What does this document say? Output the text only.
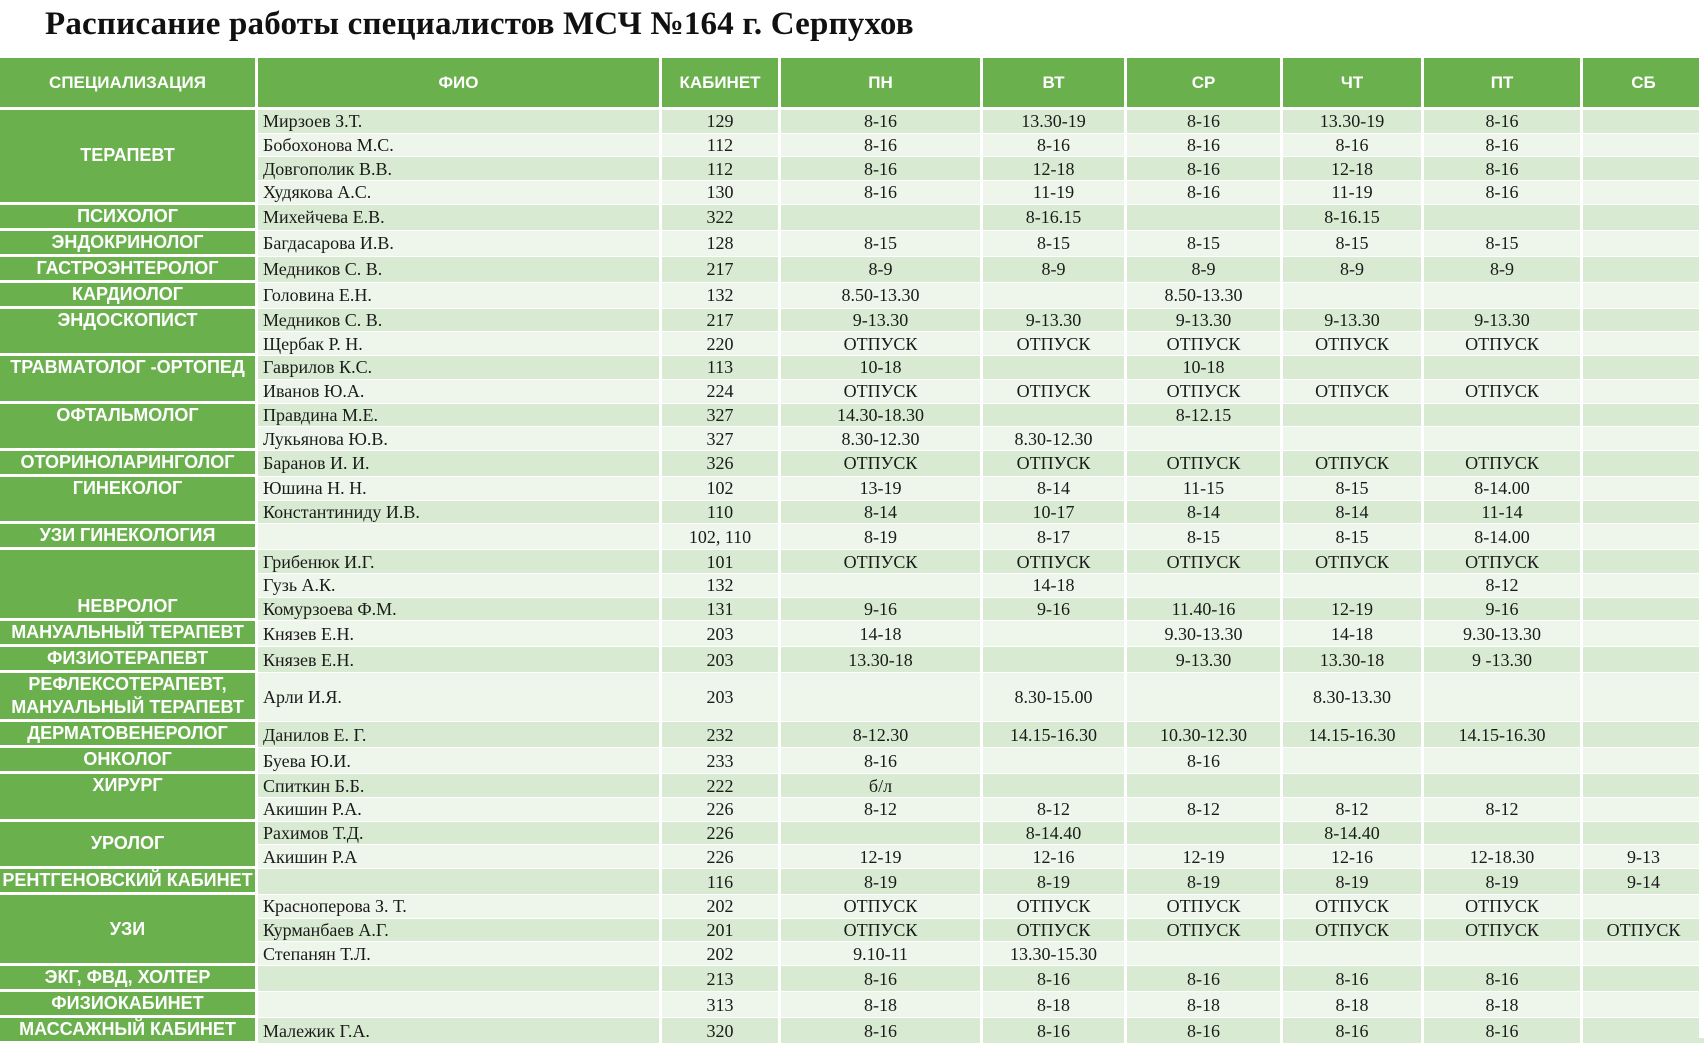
Расписание работы специалистов МСЧ №164 г. Серпухов
СПЕЦИАЛИЗАЦИЯ	ФИО	КАБИНЕТ	ПН	ВТ	СР	ЧТ	ПТ	СБ
ТЕРАПЕВТ	Мирзоев З.Т.	129	8-16	13.30-19	8-16	13.30-19	8-16	
	Бобохонова М.С.	112	8-16	8-16	8-16	8-16	8-16	
	Довгополик В.В.	112	8-16	12-18	8-16	12-18	8-16	
	Худякова А.С.	130	8-16	11-19	8-16	11-19	8-16	
ПСИХОЛОГ	Михейчева Е.В.	322		8-16.15		8-16.15		
ЭНДОКРИНОЛОГ	Багдасарова И.В.	128	8-15	8-15	8-15	8-15	8-15	
ГАСТРОЭНТЕРОЛОГ	Медников С. В.	217	8-9	8-9	8-9	8-9	8-9	
КАРДИОЛОГ	Головина Е.Н.	132	8.50-13.30		8.50-13.30			
ЭНДОСКОПИСТ	Медников С. В.	217	9-13.30	9-13.30	9-13.30	9-13.30	9-13.30	
	Щербак Р. Н.	220	ОТПУСК	ОТПУСК	ОТПУСК	ОТПУСК	ОТПУСК	
ТРАВМАТОЛОГ -ОРТОПЕД	Гаврилов К.С.	113	10-18		10-18			
	Иванов Ю.А.	224	ОТПУСК	ОТПУСК	ОТПУСК	ОТПУСК	ОТПУСК	
ОФТАЛЬМОЛОГ	Правдина М.Е.	327	14.30-18.30		8-12.15			
	Лукьянова Ю.В.	327	8.30-12.30	8.30-12.30				
ОТОРИНОЛАРИНГОЛОГ	Баранов И. И.	326	ОТПУСК	ОТПУСК	ОТПУСК	ОТПУСК	ОТПУСК	
ГИНЕКОЛОГ	Юшина Н. Н.	102	13-19	8-14	11-15	8-15	8-14.00	
	Константиниду И.В.	110	8-14	10-17	8-14	8-14	11-14	
УЗИ ГИНЕКОЛОГИЯ		102, 110	8-19	8-17	8-15	8-15	8-14.00	
НЕВРОЛОГ	Грибенюк И.Г.	101	ОТПУСК	ОТПУСК	ОТПУСК	ОТПУСК	ОТПУСК	
	Гузь А.К.	132		14-18			8-12	
	Комурзоева Ф.М.	131	9-16	9-16	11.40-16	12-19	9-16	
МАНУАЛЬНЫЙ ТЕРАПЕВТ	Князев Е.Н.	203	14-18		9.30-13.30	14-18	9.30-13.30	
ФИЗИОТЕРАПЕВТ	Князев Е.Н.	203	13.30-18		9-13.30	13.30-18	9 -13.30	
РЕФЛЕКСОТЕРАПЕВТ, МАНУАЛЬНЫЙ ТЕРАПЕВТ	Арли И.Я.	203		8.30-15.00		8.30-13.30		
ДЕРМАТОВЕНЕРОЛОГ	Данилов Е. Г.	232	8-12.30	14.15-16.30	10.30-12.30	14.15-16.30	14.15-16.30	
ОНКОЛОГ	Буева Ю.И.	233	8-16		8-16			
ХИРУРГ	Спиткин Б.Б.	222	б/л					
	Акишин Р.А.	226	8-12	8-12	8-12	8-12	8-12	
УРОЛОГ	Рахимов Т.Д.	226		8-14.40		8-14.40		
	Акишин Р.А	226	12-19	12-16	12-19	12-16	12-18.30	9-13
РЕНТГЕНОВСКИЙ КАБИНЕТ		116	8-19	8-19	8-19	8-19	8-19	9-14
УЗИ	Красноперова З. Т.	202	ОТПУСК	ОТПУСК	ОТПУСК	ОТПУСК	ОТПУСК	
	Курманбаев А.Г.	201	ОТПУСК	ОТПУСК	ОТПУСК	ОТПУСК	ОТПУСК	ОТПУСК
	Степанян Т.Л.	202	9.10-11	13.30-15.30				
ЭКГ, ФВД, ХОЛТЕР		213	8-16	8-16	8-16	8-16	8-16	
ФИЗИОКАБИНЕТ		313	8-18	8-18	8-18	8-18	8-18	
МАССАЖНЫЙ КАБИНЕТ	Малежик Г.А.	320	8-16	8-16	8-16	8-16	8-16	
